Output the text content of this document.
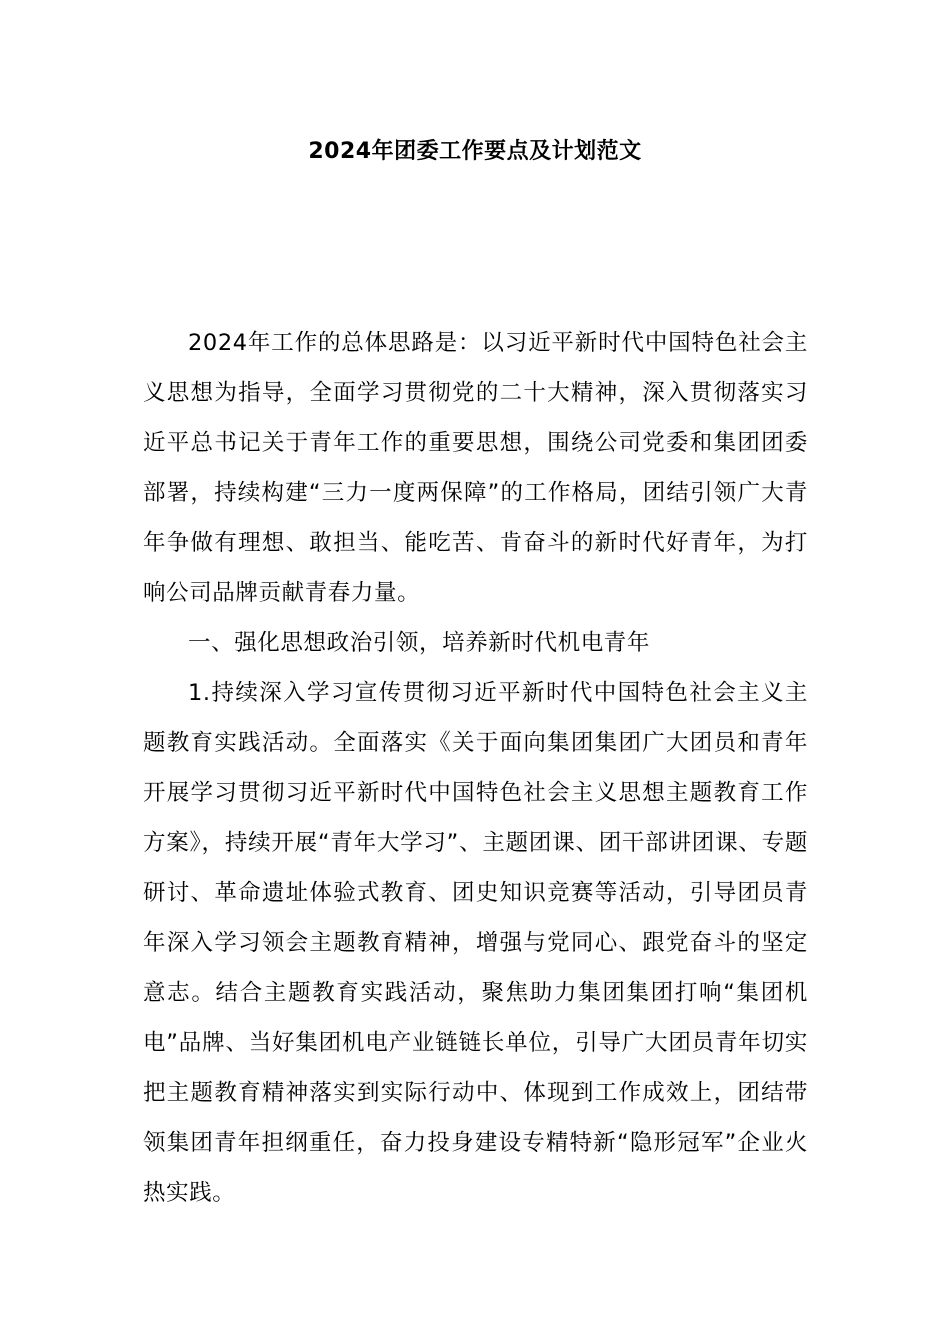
2024年团委工作要点及计划范文

2024年工作的总体思路是：以习近平新时代中国特色社会主义思想为指导，全面学习贯彻党的二十大精神，深入贯彻落实习近平总书记关于青年工作的重要思想，围绕公司党委和集团团委部署，持续构建“三力一度两保障”的工作格局，团结引领广大青年争做有理想、敢担当、能吃苦、肯奋斗的新时代好青年，为打响公司品牌贡献青春力量。

一、强化思想政治引领，培养新时代机电青年

1.持续深入学习宣传贯彻习近平新时代中国特色社会主义主题教育实践活动。全面落实《关于面向集团集团广大团员和青年开展学习贯彻习近平新时代中国特色社会主义思想主题教育工作方案》，持续开展“青年大学习”、主题团课、团干部讲团课、专题研讨、革命遗址体验式教育、团史知识竞赛等活动，引导团员青年深入学习领会主题教育精神，增强与党同心、跟党奋斗的坚定意志。结合主题教育实践活动，聚焦助力集团集团打响“集团机电”品牌、当好集团机电产业链链长单位，引导广大团员青年切实把主题教育精神落实到实际行动中、体现到工作成效上，团结带领集团青年担纲重任，奋力投身建设专精特新“隐形冠军”企业火热实践。
